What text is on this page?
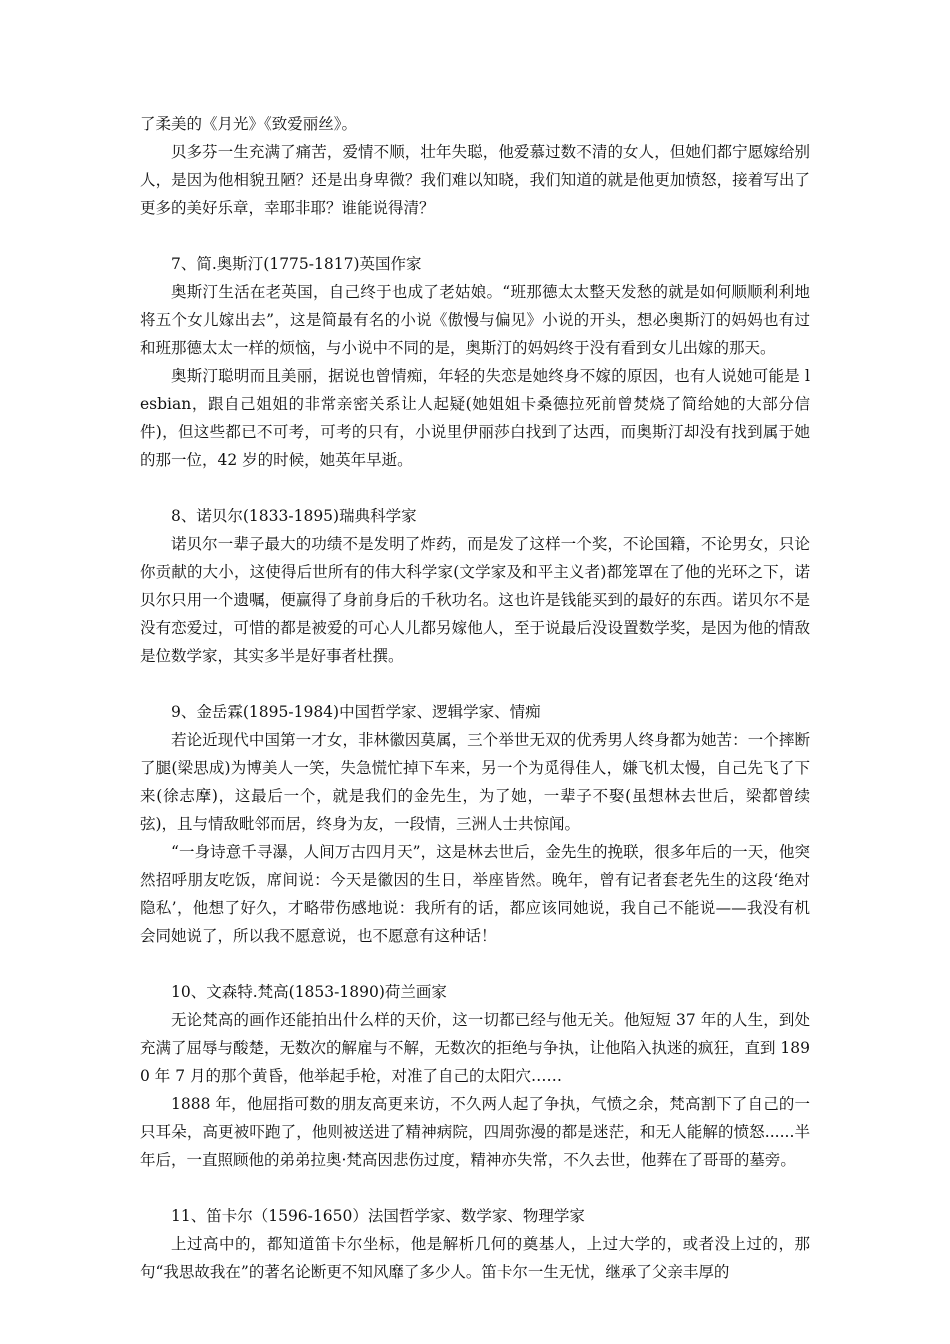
了柔美的《月光》《致爱丽丝》。

贝多芬一生充满了痛苦，爱情不顺，壮年失聪，他爱慕过数不清的女人，但她们都宁愿嫁给别人，是因为他相貌丑陋？还是出身卑微？我们难以知晓，我们知道的就是他更加愤怒，接着写出了更多的美好乐章，幸耶非耶？谁能说得清？

7、简.奥斯汀(1775-1817)英国作家

奥斯汀生活在老英国，自己终于也成了老姑娘。“班那德太太整天发愁的就是如何顺顺利利地将五个女儿嫁出去”，这是简最有名的小说《傲慢与偏见》小说的开头，想必奥斯汀的妈妈也有过和班那德太太一样的烦恼，与小说中不同的是，奥斯汀的妈妈终于没有看到女儿出嫁的那天。

奥斯汀聪明而且美丽，据说也曾情痴，年轻的失恋是她终身不嫁的原因，也有人说她可能是 lesbian，跟自己姐姐的非常亲密关系让人起疑(她姐姐卡桑德拉死前曾焚烧了简给她的大部分信件)，但这些都已不可考，可考的只有，小说里伊丽莎白找到了达西，而奥斯汀却没有找到属于她的那一位，42 岁的时候，她英年早逝。

8、诺贝尔(1833-1895)瑞典科学家

诺贝尔一辈子最大的功绩不是发明了炸药，而是发了这样一个奖，不论国籍，不论男女，只论你贡献的大小，这使得后世所有的伟大科学家(文学家及和平主义者)都笼罩在了他的光环之下，诺贝尔只用一个遗嘱，便赢得了身前身后的千秋功名。这也许是钱能买到的最好的东西。诺贝尔不是没有恋爱过，可惜的都是被爱的可心人儿都另嫁他人，至于说最后没设置数学奖，是因为他的情敌是位数学家，其实多半是好事者杜撰。

9、金岳霖(1895-1984)中国哲学家、逻辑学家、情痴

若论近现代中国第一才女，非林徽因莫属，三个举世无双的优秀男人终身都为她苦：一个摔断了腿(梁思成)为博美人一笑，失急慌忙掉下车来，另一个为觅得佳人，嫌飞机太慢，自己先飞了下来(徐志摩)，这最后一个，就是我们的金先生，为了她，一辈子不娶(虽想林去世后，梁都曾续弦)，且与情敌毗邻而居，终身为友，一段情，三洲人士共惊闻。

“一身诗意千寻瀑，人间万古四月天”，这是林去世后，金先生的挽联，很多年后的一天，他突然招呼朋友吃饭，席间说：今天是徽因的生日，举座皆然。晚年，曾有记者套老先生的这段‘绝对隐私’，他想了好久，才略带伤感地说：我所有的话，都应该同她说，我自己不能说——我没有机会同她说了，所以我不愿意说，也不愿意有这种话！

10、文森特.梵高(1853-1890)荷兰画家

无论梵高的画作还能拍出什么样的天价，这一切都已经与他无关。他短短 37 年的人生，到处充满了屈辱与酸楚，无数次的解雇与不解，无数次的拒绝与争执，让他陷入执迷的疯狂，直到 1890 年 7 月的那个黄昏，他举起手枪，对准了自己的太阳穴……

1888 年，他屈指可数的朋友高更来访，不久两人起了争执，气愤之余，梵高割下了自己的一只耳朵，高更被吓跑了，他则被送进了精神病院，四周弥漫的都是迷茫，和无人能解的愤怒......半年后，一直照顾他的弟弟拉奥·梵高因悲伤过度，精神亦失常，不久去世，他葬在了哥哥的墓旁。

11、笛卡尔（1596-1650）法国哲学家、数学家、物理学家

上过高中的，都知道笛卡尔坐标，他是解析几何的奠基人，上过大学的，或者没上过的，那句“我思故我在”的著名论断更不知风靡了多少人。笛卡尔一生无忧，继承了父亲丰厚的
